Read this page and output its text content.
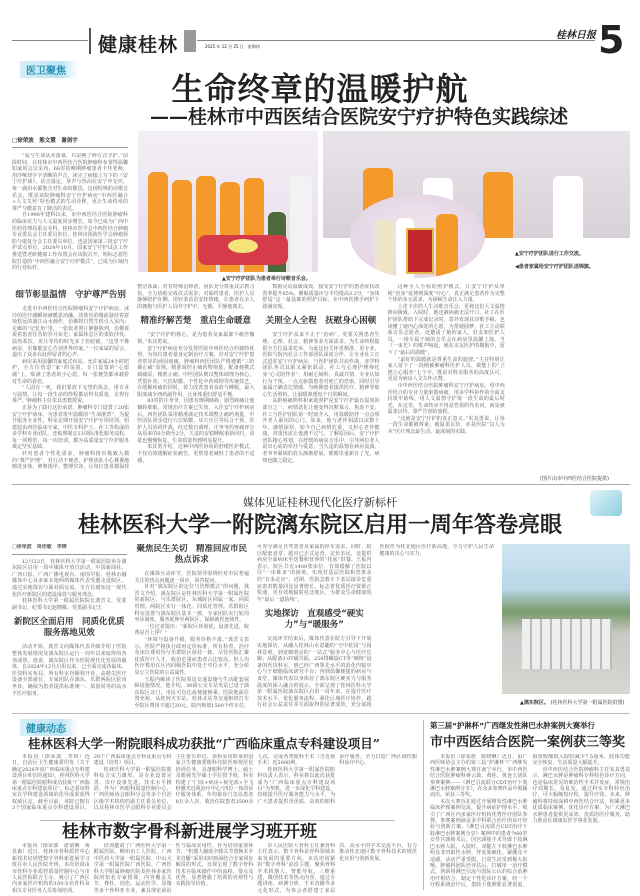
健康桂林	2025 年 12 月 25 日　星期四
桂林日报 5
医卫聚焦	生命终章的温暖护航
——桂林市中西医结合医院安宁疗护特色实践综述
□徐荣波　熊文慧　谢剑宇

“爱与生命从未落幕，只是换了种方式守护。”前段时间，在桂林市中西医结合医院肿瘤科布置得温馨如家的会议室内，68岁的晚期肿瘤患者卡佳老师，用沙哑却字字清晰的声音，读完了病榻上写下的《安宁疗护颂》，话音落定，掌声与热泪在安宁中交织，每一滴泪水都饱含对生命的敬畏。这场特殊的诗歌音乐会，既是该院肿瘤科安宁疗护病房“中西医融合+人文关怀”特色模式的生动诠释，更让生命终章的尊严与暖意有了鲜活的表达。

自1996年建科以来，市中西医结合医院肿瘤科的临床实力与人文温度同步增长，如今已成为广西中医药管理局重点专科，桂林市医学会中西医结合肿瘤专业委员会主任委员单位，桂林市预防医学会肿瘤预防与康复分会主任委员单位，也是国家第三批安宁疗护试点单位。2024年10月，国家安宁疗护试点工作推进暨老龄健康工作布置会在该院召开，明标志着医院打造的“中西医融合安宁疗护模式”，已成为区域内的行业标杆。

▲安宁疗护团队为患者举行诗歌音乐会。
▲安宁疗护团队进行工作交流。
◀患者家属给安宁疗护团队送锦旗。
细节彰显温情　守护尊严告别

走进市中西医结合医院肿瘤科安宁疗护病房，冰冷的医疗感瞬间被暖意消融。淡蓝色的墙面悬挂着意境悠远的漓江山水画作，仿佛将自然生机引入室内；走廊的“记忆角”里，一张张老照片静静陈列，仿佛诉说着患者往昔的岁月荣光；家属休息区的柔软沙发、温热茶饮，更让等待的时光多了份慰藉。“这里不像病房，更像能安心告别世界的家。”一位家属的留言，道出了众多在此停留者的心声。

病房采用温馨的家庭式布局，允许家属24小时陪护，全方位营造“家”的氛围。专门设置的“心愿墙”上，贴满了患者的小心愿，每一张便签都承载着对生命的眷恋。

“人固有一死，我们要放下无望的执念，用专业与温情，让每一段生命的终程都活得有质量、走得有尊严。”肿瘤科主任朱其勇教授说。

正是为了践行这份承诺，肿瘤科专门设置了20张安宁疗护病床，为患者筑牢温暖的“生命港湾”，为提升服务专业性，科室定期开展安宁疗护专项培训，组建起由西医临床专家、中医专科护士、社工等构成的多学科专业团队，还梳理制定23项标准化服务流程，每一项规范、每一次培训，都为高质量安宁疗护服务奠定坚实基础。

针对患者个性化需求，肿瘤科推出极致入微的“尊严护理”，对行动不便者，护理团队小心翼翼地擦洗身体、修剪指甲、整理仪容，让每位患者都保持整洁体面；对有特殊信仰者，团队充分尊重其宗教习俗，全力协助完成仪式需求；对临终患者，医护人员静静陪护在侧，用轻柔话语安抚情绪，让患者在亲人的拥抱与医护人员的守护中，无憾、平静地离去。

精准纾解苦楚　重启生命暖意

“安宁疗护的核心，是为患者及家属卸下痛苦枷锁。”朱其勇说。

安宁疗护病房充分发挥医院中西医结合的独特优势，为每位患者量身定制治疗方案，应对安宁疗护患者常见的顽固癌痛，肿瘤科西医团队严格遵循“三阶梯止痛”原则，精准调控止痛药物剂量，配备便携式镇痛泵，精准止痛。中医团队则以整体调理为核心，凭借针灸、穴位贴敷、个性化中药调理等传统技艺，在缓解疼痛的同时，着力改善患者食欲与睡眠，最大限度减少西药副作用，让身体重归舒适平衡。

83岁的庄爷爷，因患有晚期肺癌，剧烈癌痛让他辗转难眠，常规治疗方案已失效。入住安宁疗护病房后，西医团队采用精准滴定技术调整止痛药剂量，中医团队同步进行穴位贴敷、耳穴压豆等综合干预，医护人员协同作战，经过数日调理，庄爷爷的疼痛评分从原来的6分降至2分，久违的安稳睡眠重新回归，食欲也慢慢恢复，生命质量得到明显提升。

朱其勇介绍，这种中西医协同的舒缓医护模式，不仅有效缓解症状痛苦，更帮患者减轻了患者的不适感。

数据见证温暖成效。接受安宁疗护的患者症状改善率提升65%，睡眠质量评分平均提高3.2分，“身体舒适”这一最基础的照护目标，在中西医携手呵护下圆满实现。

关照全人全程　抚慰身心困顿

安宁疗护从来不止于“治病”，更要关照患者生理、心理、社会、精神等多方面需求。为生命终程提供全方位温柔托举，为此这份关怀更精准、更专业，医院与院内社会工作部团队深度合作，让专业社工正式进驻安宁疗护病房，与医护团队并肩作战，多学科团队各司其职又紧密联动，社工与心理护理师化身“心灵陪伴者”，用耐心倾听、真诚共情、专业认知行为干预，一点点驱散患者对死亡的恐惧，同时引导家属正确表达情感，为晚期患者提供医疗、精神等贴心生活照料，让温暖渗透每个日常瞬间。

高龄癌痛照料和家庭照护是安宁疗护最有温度的部分之一，病情恶化让他变得沉默寡言、焦虑不安，社工与医护团队第一时间介入，用温暖陪伴一点点叩开老人紧闭的心门。原来，他与老伴相濡以沫数十年，感情深厚，如今自己病情危重，又担心老伴健康，双重忧虑让他透不过气。了解原因后，安宁疗护团队精心筹划，在舒缓的病房音乐中，引导两位老人说出心底的牵挂与爱意，当久违的温情在病房流淌，老爷爷紧锁的眉头渐渐舒展，眼睛里重新有了光，病情也随之稳定。

这种全人全程的照护模式，让安宁疗护从单纯“治身”延伸到深度“疗心”，真正满足患者作为完整个体的多元需求，为困顿生命注入力量。

上述卡佳的人生诗歌音乐会，更将这份人文温情推向极致。入院时，她还被病痛无法开口，社工在医护团队帮助下完成记录时，意外发现其诗歌手稿，也读懂了她内心深处的心愿。为帮她圆梦，社工主动联系音乐志愿者，还邀请了她的家人、好友和医护人员，一场专属于她的音乐会在病房里温馨上演，当《一束光》的歌声响起，她在亲友医护的拥抱中，留下了“最后的温暖”。

“最好的温暖就是尊重生命的旋律。”主任特别让家人留下了一段刚被肿瘤科医护人员、致能上的“立德立心服务”七个字，既是对科室服务的高度认可，更是为病房人文关怀点赞。

市中西医结合医院肿瘤科安宁疗护病房，用中西医结合的专业力量驱散病痛，用多学科协作的全面支持筑牢防线，用人文温情守护每一段生命的最后时光，在这里，生命终章不再是恐惧的代名词，而是被温柔以待、尊严告别的旅程。

“这就是安宁疗护的真正意义。”朱其勇说，让每一段生命都被尊重，被温柔以待，亦是医院“以人为本”医疗理念最生动、最深刻的实践。

(图片由市中西医结合医院提供)
媒体见证桂林现代化医疗新标杆
桂林医科大学一附院漓东院区启用一周年答卷亮眼
□徐荣波　周佳敏　李铸

12月23日，桂林医科大学第一附属医院举办漓东院区启用一周年媒体开放日活动，中国新闻社、广西日报、广西广播电视台、南国早报、桂林市融媒体中心及多家本地网络媒体代表受邀走进院区，通过实地探访与面对面交流，全方位感知这一现代化医疗新院区的建设成效与服务理念。

桂林医科大学第一附属医院院长龚晋文、党委副书记、纪委书记赵晓雁、党委副书记王

新院区全面启用　同质化优质服务落地见效

活动开始，龚晋文向媒体代表详细介绍了医院整体发展情况及漓东院区运行一周年以来取得的各项成效。他说，漓东院区作为医院现代化发展的载体，自2024年12月启用以来，已全面完成各临床、医技科室布局，所有科室均顺利开诊，高精尖医疗设备全部就位，专家团队在漓东、乐群两院区轮岗坐诊，确保为患者提供标准统一、质量同等的高水平医疗服务。

聚焦民生关切　精准回应市民热点诉求

在媒体互动环节，医院领导围绕针对市民普遍关注的热点问题逐一回应，回答提问。

针对“漓东院区的定位与管理模式”的问题，龚晋文介绍，漓东院区是桂林医科大学第一附属医院的新院区，与乐群院区、东城院区同属一家、同质管理。两院区实行一体化、同质化管理。乐群院区科室设置与漓东院区基本一致，专家团队实行轮岗坐诊制度，服务延伸至两院区，保障就医连续性。

一位记者提出：“新院区环境优、设备先进，收费是否上浮？”

“环境与设备升级，服务价格不涨。”龚晋文表示，医院严格执行政府定价标准，所有检查、治疗及床位费用均与乐群院区保持一致，尽管医院汇聚优质医疗人才，收治危重症患者占比较高，但人均医疗费用在区内同级医院中处于中位水平，充分彰显公立医院的公益属性。

王振内解读了医院周边交通设施与生活配套保障设施情况。他介绍，30路公交车站发站已设于漓东院区北门，市民可直达或便捷换乘；医院地面位置充裕，从桂林火车站、桂林北站等交通枢纽打车至院区费用不超过20元。院内规划1500个停车位，可充分满足自驾患者及家属的停车需求。同时，院区配套食堂、超市已正式运营，定价亲民，还提供病房全面病床至送餐和营养的“托底”供餐。王振内表示，院区共有1400张床位，有效缓解了医院以往“一床难求”的困境，实现对基层医院和普惠求的“有求必应”。近期，医院急救车下基层接诊危重症患者数量同比显著增长，标志着优质医疗资源正快速、更有效地辐射桂北地区，为群众生命健康筑牢“最后一道防线”。

实地探访　直观感受“硬实力”与“暖服务”

交流环节结束后，媒体代表在院方引导下开展实地探访，从融入桂林山水意趣的“空中花园”与园林景观，到宽敞明亮的“一站式”服务中心与医疗长廊；从配备3.0T磁共振、256排螺旋CT等“硬核”设备的医技科室，到已经广西领先水平的消化内镜中心与干细胞临床研究平台；再到温馨便捷的病房与食堂，媒体代表以身体验了漓东院区硬实力与服务温度的深入融合的展示。全面呈现了桂林医科大学第一附属医院漓东院区启用一周年来，在提升医疗技术水平、优化服务流程、强化区域医疗协作、践行社会公益责任等方面取得的显著成效，充分展现医院作为桂北地区医疗新高地，全力守护人民生命健康的决心与实力。

▲漓东院区。 (桂林医科大学第一附属医院供图)
健康动态
桂林医科大学一附院眼科成功获批“广西临床重点专科建设项目”

本报讯（徐荣波　李铸）近日，自治区卫生健康委印发《关于确定2026年度广西临床重点专科建设项目单位的通知》，桂林医科大学第一附属医院眼科成功获批“广西临床重点专科建设项目”。标志着该科室在学科建设领域的优异成果获得权威认定。截至目前，该院已拥有3个国家临床重点专科建设项目、28个广西临床重点专科及重点专科建设（培育）项目。

桂林医科大学第一附属医院眼科综合实力雄厚，是专业设置完善、诊疗设备先进、技术水平精湛，作为广西眼科质量控制中心、广西医师协会眼科分会等多个自治区级学术机构的副主任委员单位，以及桂林市医学会眼科专业委员会主任委员单位。该科室同时承担国家卫生健康委眼科住院医师规范化培训任务，具备眼科学博士、硕士及眼视光学硕士学位授予权，科室构建了“门诊+病房+视光部+全飞秒激光近视治疗中心”四位一体的诊疗服务体系，年均接诊门急诊患者8万余人次，收治住院患者3500余人次，完成各类眼科手术（含近视手术）近5000例。

桂林医科大学第一附属医院眼科负责人表示，科室将以此次获批成为“广西临床重点专科建设项目”为契机，进一步深化学科建设，持续提升医疗服务能力与水平，为广大患者提供更优质、高效的眼科诊疗服务，全力打造广西区域性眼科诊疗中心。

桂林市数字骨科新进展学习班开班

本报讯（徐荣波　唐倩琳　黄显森）近日，桂林市骨科质控中心新技术培训暨数字骨科新进展学习班在市人民医院开班。本次培训由市骨科专业质控质量控制中心与市人民医院联合主办，吸引了广西区内多家医疗机构的100余名骨科及相关专业医务人员参加培训。

培训邀请了广西医科大学第一附属医院、柳州市工人医院、广西中医药大学第一附属医院、中山大学第一附属医院广西医院、广西医科大学附属肿瘤医院及桂林多家医院的知名专家授课，内容覆盖关节、脊柱、创伤、运动医学、显微等多个骨科亚专业，兼具理论前沿性与临床实用性。作为培训重要环节，“机器人辅助全膝关节置换术手术直播”采用实时画面结合专家同步解说的形式，直观呈现了数字骨科技术在临床操作中的流程、要点及优势，显著增强了培训的直观性与实践指导价值。

市人民医院大骨科主任兼骨科主任表示，数字骨科是骨科领域未来发展的重要方向。本次培训紧扣“数字骨科”前沿主题，聚焦骨科手术机器人、智能导航、三维重建、微创技术等热点内容，通过专题讲座、病例分析、手术直播等多元化形式，为参会者搭建了多层次、高水平的学术交流平台，有力推动桂北地区数字骨科技术的规范化应用与创新发展。

第三届“护淋杯”广西继发性淋巴水肿案例大赛举行
市中西医结合医院一案例获三等奖

本报讯（徐荣波　陈晓琳）近日，由广西医师协会主办的第三届“护淋杯”广西继发性淋巴水肿案例大赛在南宁举行，市中西医结合医院肿瘤科蒋云致、黄桂、黄连玉团队参赛案例——《淋巴引流联合CDT治疗下肢淋巴水肿案例分享》，在众多参赛作品中脱颖而出，荣获三等奖。

本次大赛旨在通过开展继发性淋巴水肿临床护理案例交流，提升病症护理水平，吸引了广西区内多家医疗机构优秀医疗团队参赛，参赛案例涵盖多学科联合治疗的诊疗经验与创新方案。《淋巴引流联合CDT治疗下肢淋巴水肿案例分享》案例中的患者为60岁女性宫颈癌术后，因宫颈癌手术导致下肢淋巴水肿入院，入院时，双腿左下肢淋巴水肿明显非凹陷性水肿，伴皮肤硬化、紧绷及不适感，活动严重受限，日常生活受到极大影响。肿瘤科团队经评估后，打破单一治疗模式，创新将淋巴引流与国际公认的综合消肿治疗相结合，制定个性化诊疗方案，经一个疗程系统治疗后，患肢下肢肿胀显著消退，围度收缩较入院时减少7.5厘米，肢体功能完全恢复，生活质量大幅提升。

市中西医结合医院肿瘤科主任朱其勇表示，淋巴水肿是肿瘤科专科特色诊疗方向，也是临床常见的难治性手术并发症，常规治疗周期长、易复发，通过科室专科特色治疗，可大幅缩短疗程，提升疗效，未来，肿瘤科将持续深耕中西医结合疗法，积累更多优质临床案例，优化诊疗方案，为广大淋巴水肿患者提供更高效、优质的医疗服务，助力推动区域康复医学事业发展。
